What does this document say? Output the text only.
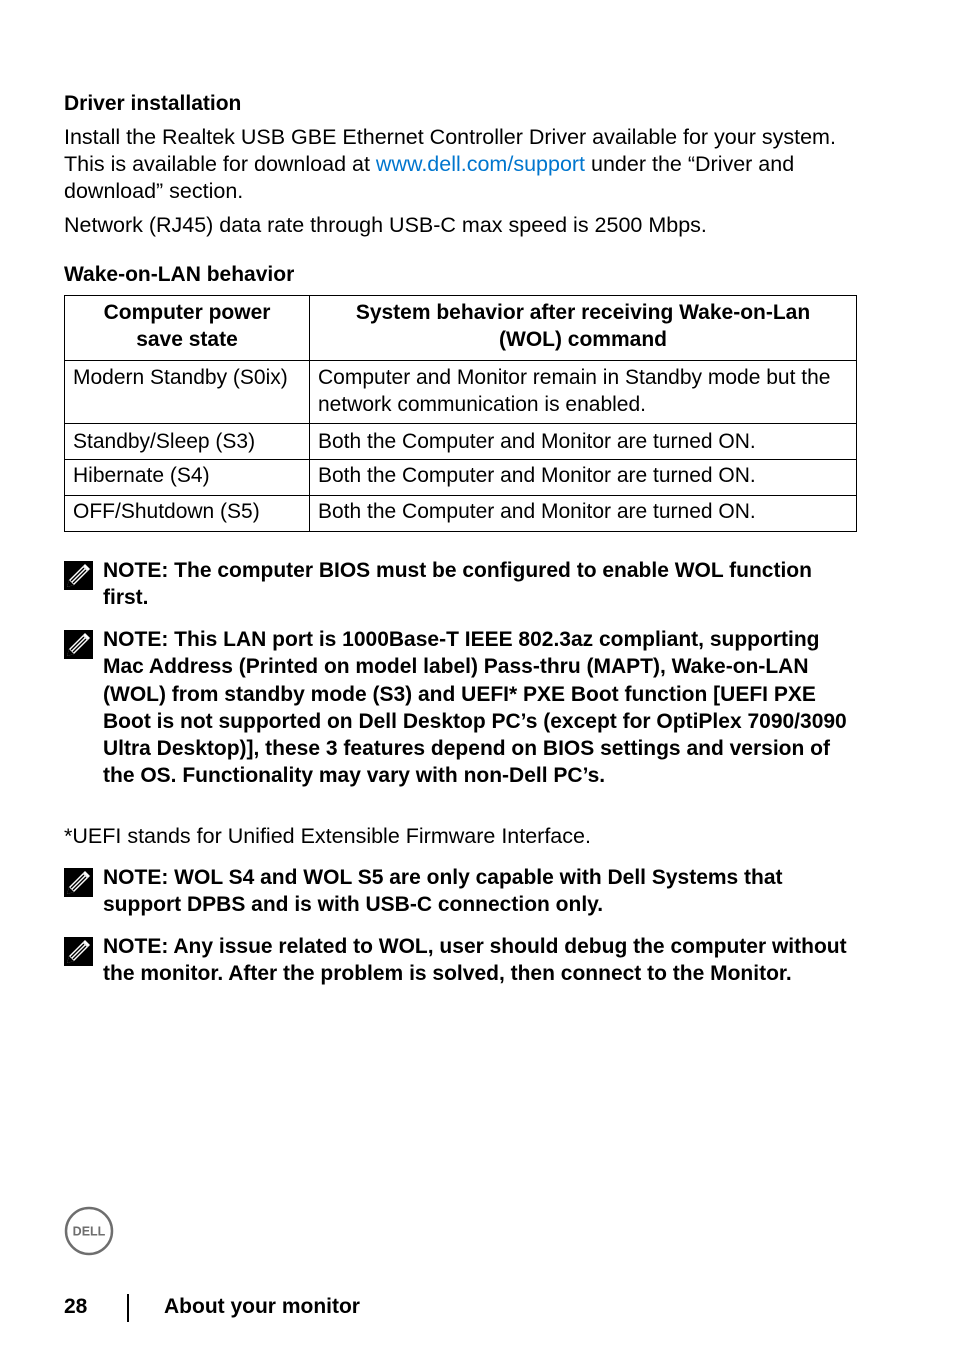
Driver installation
Install the Realtek USB GBE Ethernet Controller Driver available for your system.
This is available for download at www.dell.com/support under the “Driver and
download” section.
Network (RJ45) data rate through USB-C max speed is 2500 Mbps.
Wake-on-LAN behavior
Computer power save state	System behavior after receiving Wake-on-Lan (WOL) command

Modern Standby (S0ix)	Computer and Monitor remain in Standby mode but the network communication is enabled.
Standby/Sleep (S3)	Both the Computer and Monitor are turned ON.
Hibernate (S4)	Both the Computer and Monitor are turned ON.
OFF/Shutdown (S5)	Both the Computer and Monitor are turned ON.
NOTE: The computer BIOS must be configured to enable WOL function first.
NOTE: This LAN port is 1000Base-T IEEE 802.3az compliant, supporting Mac Address (Printed on model label) Pass-thru (MAPT), Wake-on-LAN (WOL) from standby mode (S3) and UEFI* PXE Boot function [UEFI PXE Boot is not supported on Dell Desktop PC’s (except for OptiPlex 7090/3090 Ultra Desktop)], these 3 features depend on BIOS settings and version of the OS. Functionality may vary with non-Dell PC’s.
*UEFI stands for Unified Extensible Firmware Interface.
NOTE: WOL S4 and WOL S5 are only capable with Dell Systems that support DPBS and is with USB-C connection only.
NOTE: Any issue related to WOL, user should debug the computer without the monitor. After the problem is solved, then connect to the Monitor.
DELL
28	About your monitor
